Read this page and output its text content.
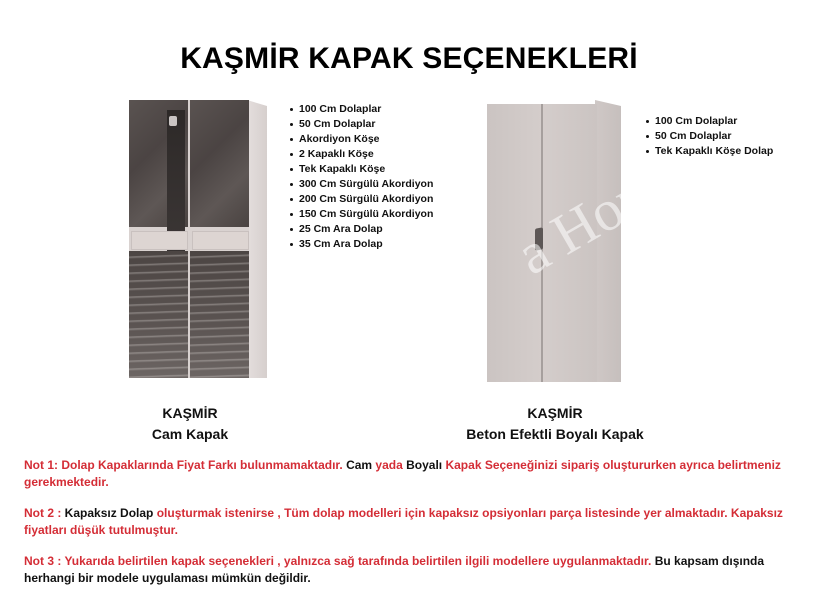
KAŞMİR KAPAK SEÇENEKLERİ
100 Cm Dolaplar
50 Cm Dolaplar
Akordiyon Köşe
2 Kapaklı Köşe
Tek Kapaklı Köşe
300 Cm Sürgülü Akordiyon
200 Cm Sürgülü Akordiyon
150 Cm Sürgülü Akordiyon
25 Cm Ara Dolap
35 Cm Ara Dolap
KAŞMİR
Cam Kapak
a Hon
100 Cm Dolaplar
50 Cm Dolaplar
Tek Kapaklı Köşe Dolap
KAŞMİR
Beton Efektli Boyalı Kapak

Not 1: Dolap Kapaklarında Fiyat Farkı bulunmamaktadır. Cam yada Boyalı Kapak Seçeneğinizi sipariş oluştururken ayrıca belirtmeniz gerekmektedir.

Not 2 : Kapaksız Dolap oluşturmak istenirse , Tüm dolap modelleri için kapaksız opsiyonları parça listesinde yer almaktadır. Kapaksız fiyatları düşük tutulmuştur.

Not 3 : Yukarıda belirtilen kapak seçenekleri , yalnızca sağ tarafında belirtilen ilgili modellere uygulanmaktadır. Bu kapsam dışında herhangi bir modele uygulaması mümkün değildir.
